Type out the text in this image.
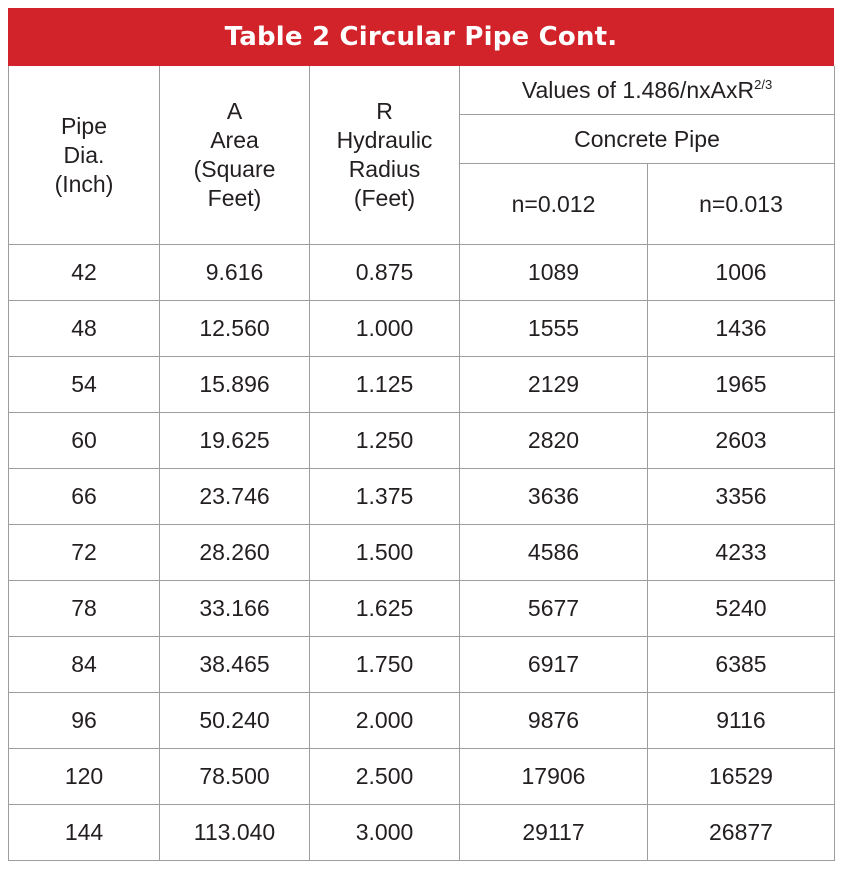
Table 2 Circular Pipe Cont.
Pipe
Dia.
(Inch)	A
Area
(Square
Feet)	R
Hydraulic
Radius
(Feet)	Values of 1.486/nxAxR$^{2/3}$
			Concrete Pipe	
			n=0.012	n=0.013
42	9.616	0.875	1089	1006
48	12.560	1.000	1555	1436
54	15.896	1.125	2129	1965
60	19.625	1.250	2820	2603
66	23.746	1.375	3636	3356
72	28.260	1.500	4586	4233
78	33.166	1.625	5677	5240
84	38.465	1.750	6917	6385
96	50.240	2.000	9876	9116
120	78.500	2.500	17906	16529
144	113.040	3.000	29117	26877
